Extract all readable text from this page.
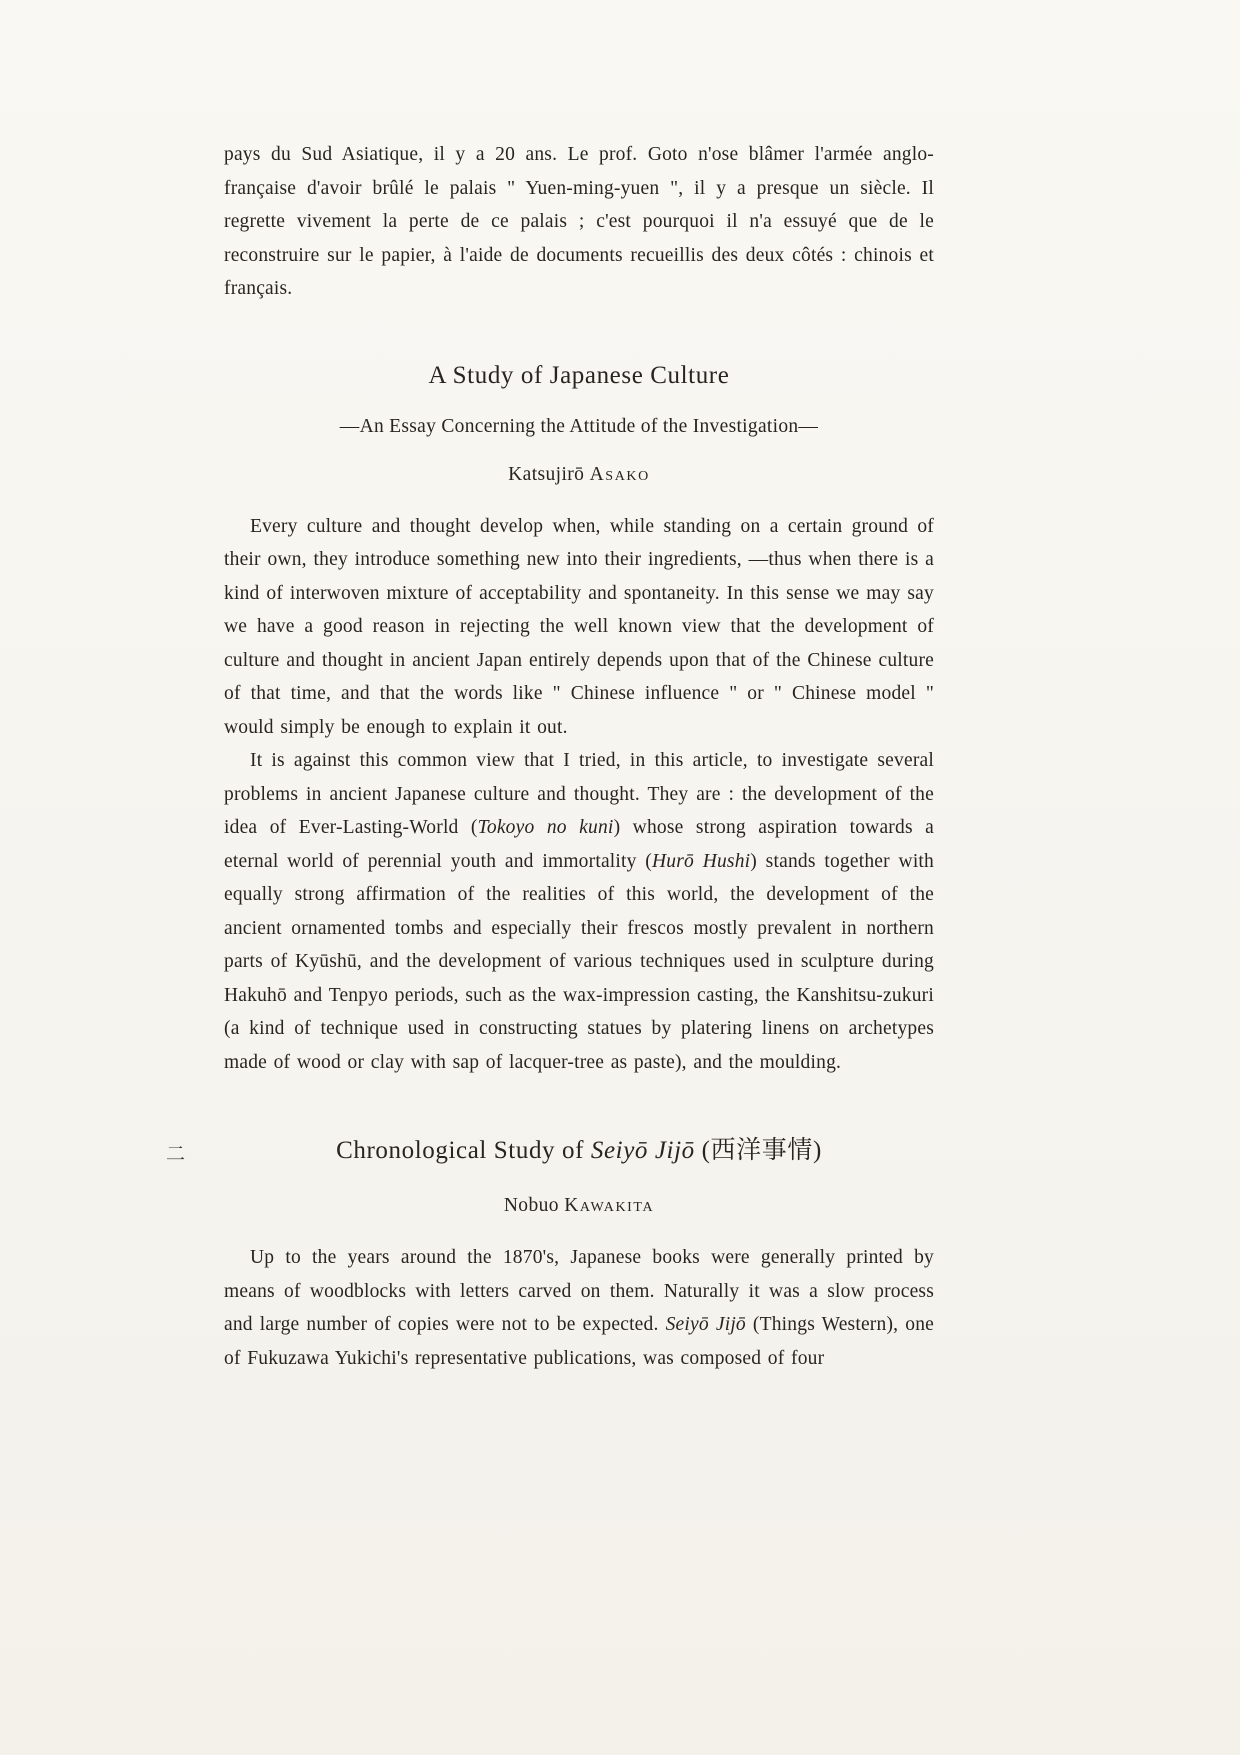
pays du Sud Asiatique, il y a 20 ans. Le prof. Goto n'ose blâmer l'armée anglo-française d'avoir brûlé le palais " Yuen-ming-yuen ", il y a presque un siècle. Il regrette vivement la perte de ce palais ; c'est pourquoi il n'a essuyé que de le reconstruire sur le papier, à l'aide de documents recueillis des deux côtés : chinois et français.

A Study of Japanese Culture
—An Essay Concerning the Attitude of the Investigation—
Katsujirō Asako

Every culture and thought develop when, while standing on a certain ground of their own, they introduce something new into their ingredients, —thus when there is a kind of interwoven mixture of acceptability and spontaneity. In this sense we may say we have a good reason in rejecting the well known view that the development of culture and thought in ancient Japan entirely depends upon that of the Chinese culture of that time, and that the words like " Chinese influence " or " Chinese model " would simply be enough to explain it out.

It is against this common view that I tried, in this article, to investigate several problems in ancient Japanese culture and thought. They are : the development of the idea of Ever-Lasting-World (Tokoyo no kuni) whose strong aspiration towards a eternal world of perennial youth and immortality (Hurō Hushi) stands together with equally strong affirmation of the realities of this world, the development of the ancient ornamented tombs and especially their frescos mostly prevalent in northern parts of Kyūshū, and the development of various techniques used in sculpture during Hakuhō and Tenpyo periods, such as the wax-impression casting, the Kanshitsu-zukuri (a kind of technique used in constructing statues by platering linens on archetypes made of wood or clay with sap of lacquer-tree as paste), and the moulding.

二	Chronological Study of Seiyō Jijō (西洋事情)
Nobuo Kawakita

Up to the years around the 1870's, Japanese books were generally printed by means of woodblocks with letters carved on them. Naturally it was a slow process and large number of copies were not to be expected. Seiyō Jijō (Things Western), one of Fukuzawa Yukichi's representative publications, was composed of four
